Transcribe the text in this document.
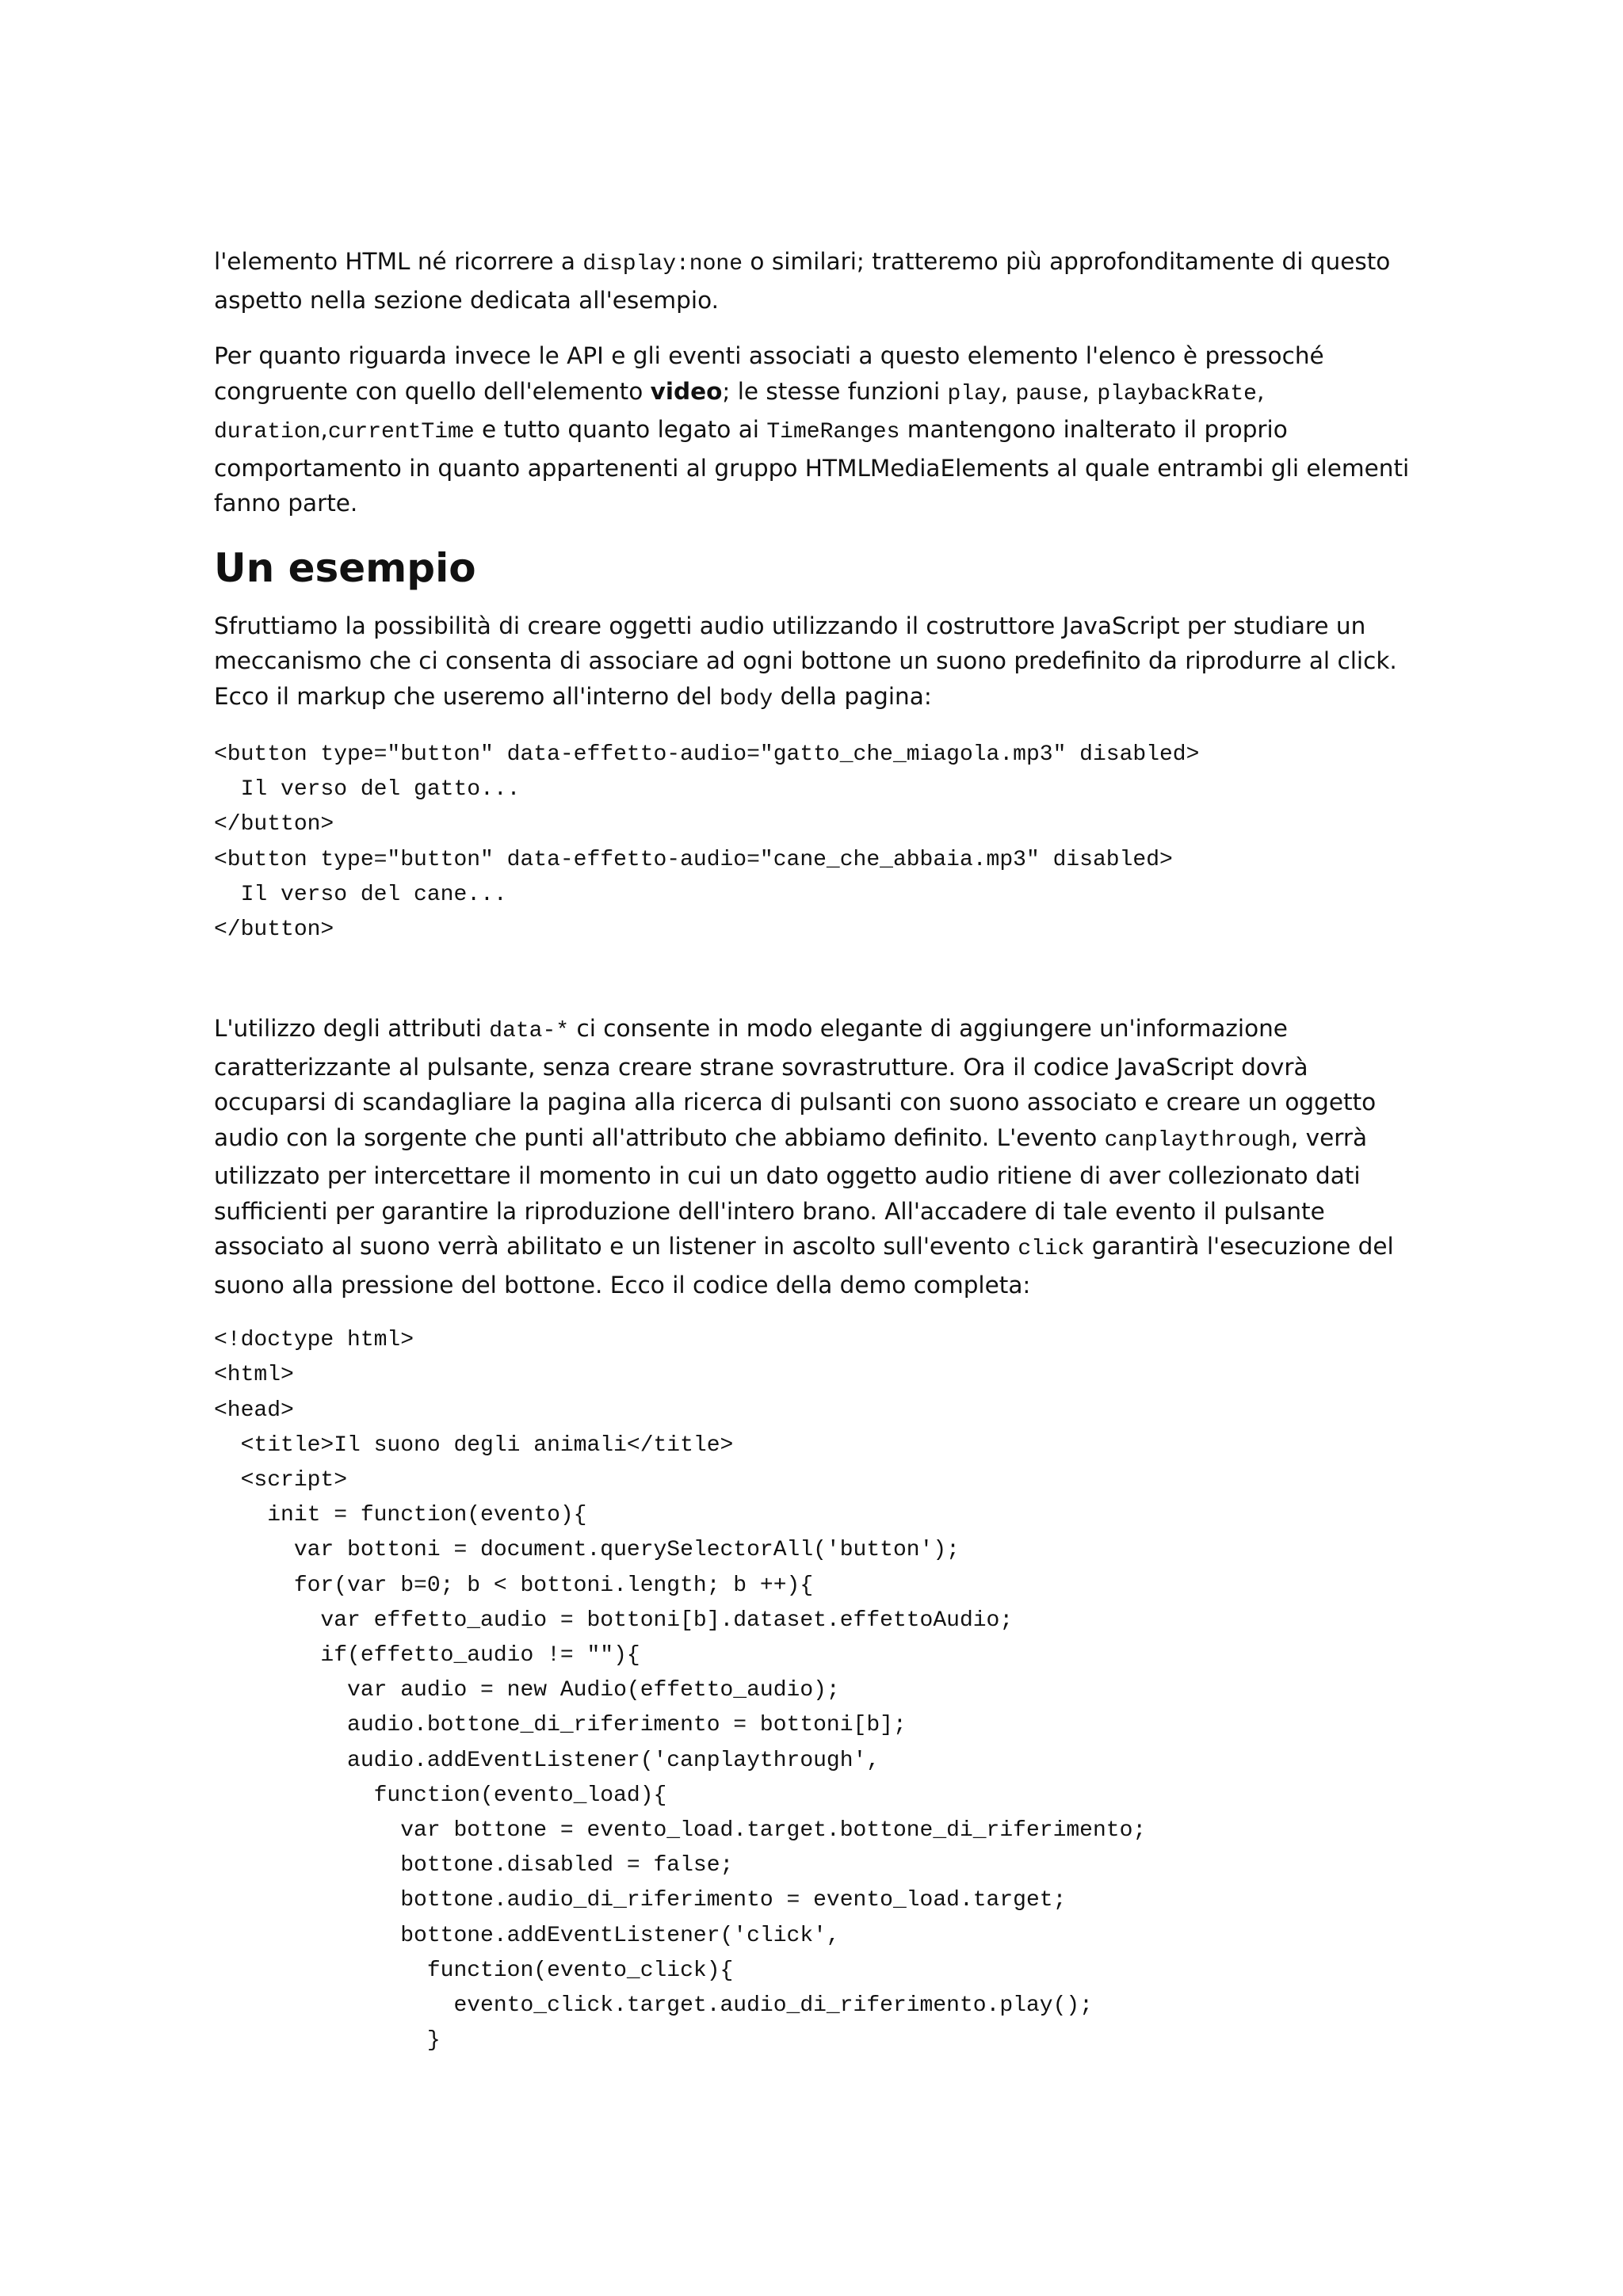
l'elemento HTML né ricorrere a display:none o similari; tratteremo più approfonditamente di questo aspetto nella sezione dedicata all'esempio.

Per quanto riguarda invece le API e gli eventi associati a questo elemento l'elenco è pressoché congruente con quello dell'elemento video; le stesse funzioni play, pause, playbackRate, duration,currentTime e tutto quanto legato ai TimeRanges mantengono inalterato il proprio comportamento in quanto appartenenti al gruppo HTMLMediaElements al quale entrambi gli elementi fanno parte.

Un esempio

Sfruttiamo la possibilità di creare oggetti audio utilizzando il costruttore JavaScript per studiare un meccanismo che ci consenta di associare ad ogni bottone un suono predefinito da riprodurre al click. Ecco il markup che useremo all'interno del body della pagina:

<button type="button" data-effetto-audio="gatto_che_miagola.mp3" disabled>
Il verso del gatto...
</button>
<button type="button" data-effetto-audio="cane_che_abbaia.mp3" disabled>
Il verso del cane...
</button>

L'utilizzo degli attributi data-* ci consente in modo elegante di aggiungere un'informazione caratterizzante al pulsante, senza creare strane sovrastrutture. Ora il codice JavaScript dovrà occuparsi di scandagliare la pagina alla ricerca di pulsanti con suono associato e creare un oggetto audio con la sorgente che punti all'attributo che abbiamo definito. L'evento canplaythrough, verrà utilizzato per intercettare il momento in cui un dato oggetto audio ritiene di aver collezionato dati sufficienti per garantire la riproduzione dell'intero brano. All'accadere di tale evento il pulsante associato al suono verrà abilitato e un listener in ascolto sull'evento click garantirà l'esecuzione del suono alla pressione del bottone. Ecco il codice della demo completa:

<!doctype html>
<html>
<head>
<title>Il suono degli animali</title>
<script>
init = function(evento){
var bottoni = document.querySelectorAll('button');
for(var b=0; b < bottoni.length; b ++){
var effetto_audio = bottoni[b].dataset.effettoAudio;
if(effetto_audio != ""){
var audio = new Audio(effetto_audio);
audio.bottone_di_riferimento = bottoni[b];
audio.addEventListener('canplaythrough',
function(evento_load){
var bottone = evento_load.target.bottone_di_riferimento;
bottone.disabled = false;
bottone.audio_di_riferimento = evento_load.target;
bottone.addEventListener('click',
function(evento_click){
evento_click.target.audio_di_riferimento.play();
}
